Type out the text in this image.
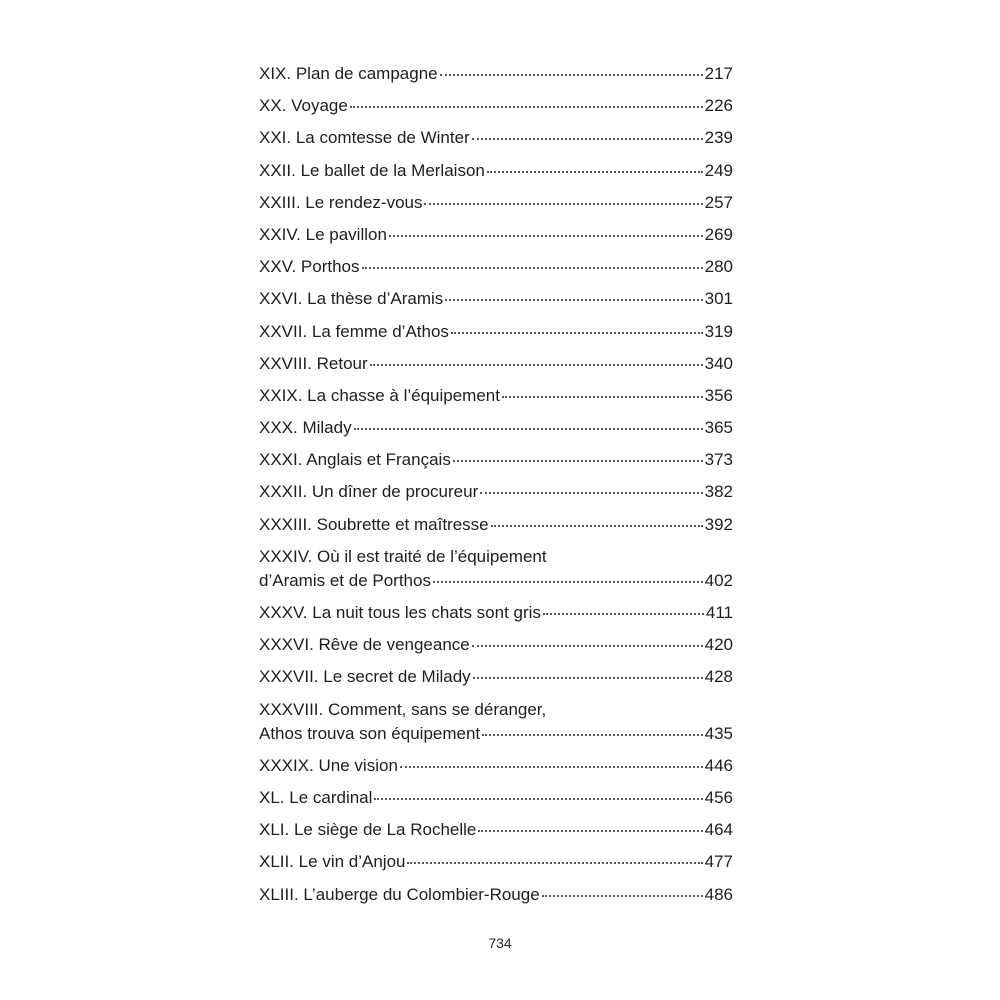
XIX. Plan de campagne	217
XX. Voyage	226
XXI. La comtesse de Winter	239
XXII. Le ballet de la Merlaison	249
XXIII. Le rendez-vous	257
XXIV. Le pavillon	269
XXV. Porthos	280
XXVI. La thèse d’Aramis	301
XXVII. La femme d’Athos	319
XXVIII. Retour	340
XXIX. La chasse à l’équipement	356
XXX. Milady	365
XXXI. Anglais et Français	373
XXXII. Un dîner de procureur	382
XXXIII. Soubrette et maîtresse	392
XXXIV. Où il est traité de l’équipement
d’Aramis et de Porthos	402
XXXV. La nuit tous les chats sont gris	411
XXXVI. Rêve de vengeance	420
XXXVII. Le secret de Milady	428
XXXVIII. Comment, sans se déranger,
Athos trouva son équipement	435
XXXIX. Une vision	446
XL. Le cardinal	456
XLI. Le siège de La Rochelle	464
XLII. Le vin d’Anjou	477
XLIII. L’auberge du Colombier-Rouge	486
734
